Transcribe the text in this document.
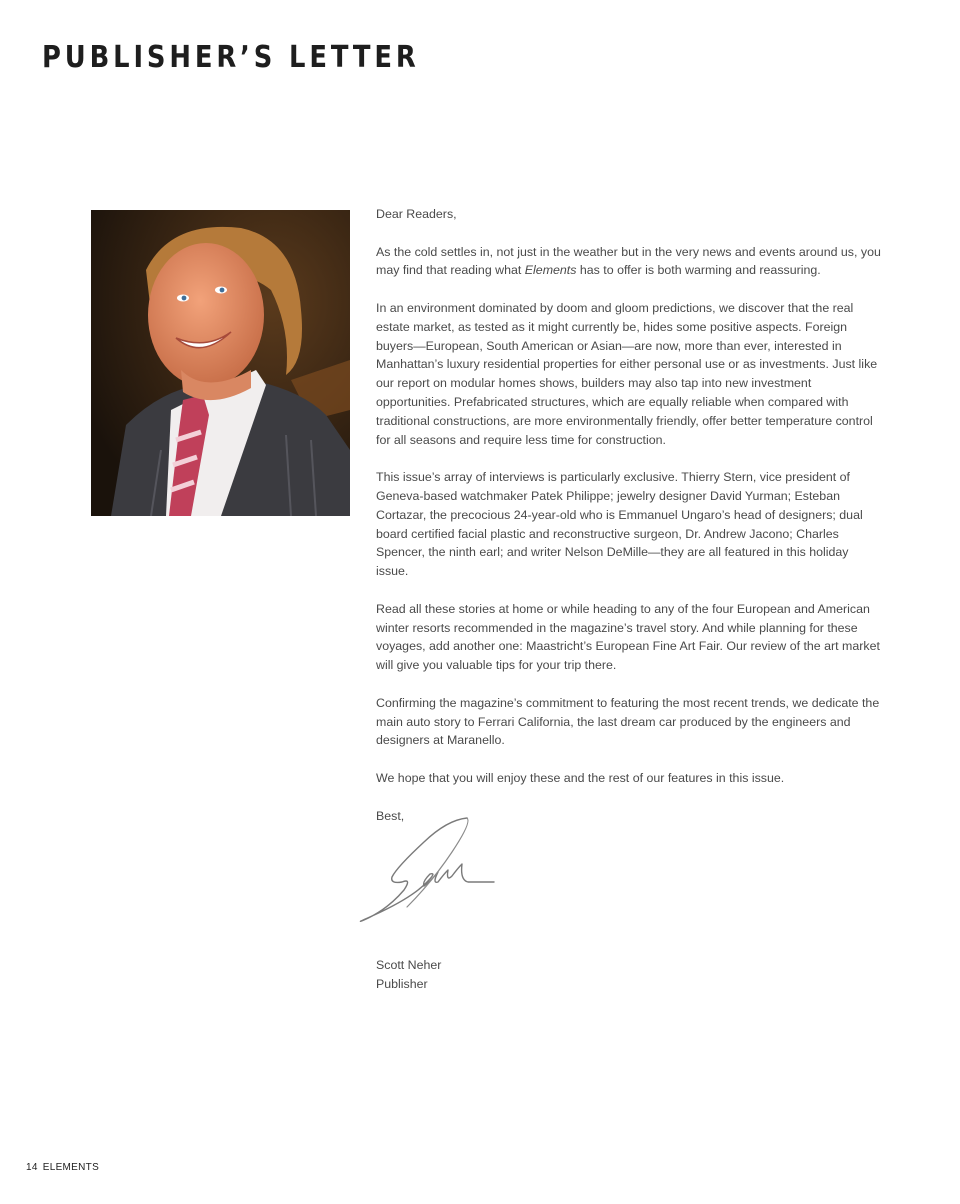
PUBLISHER’S LETTER

Dear Readers,

As the cold settles in, not just in the weather but in the very news and events around us, you may find that reading what Elements has to offer is both warming and reassuring.

In an environment dominated by doom and gloom predictions, we discover that the real estate market, as tested as it might currently be, hides some positive aspects. Foreign buyers—European, South American or Asian—are now, more than ever, interested in Manhattan’s luxury residential properties for either personal use or as investments. Just like our report on modular homes shows, builders may also tap into new investment opportunities. Prefabricated structures, which are equally reliable when compared with traditional constructions, are more environmentally friendly, offer better temperature control for all seasons and require less time for construction.

This issue’s array of interviews is particularly exclusive. Thierry Stern, vice president of Geneva-based watchmaker Patek Philippe; jewelry designer David Yurman; Esteban Cortazar, the precocious 24-year-old who is Emmanuel Ungaro’s head of designers; dual board certified facial plastic and reconstructive surgeon, Dr. Andrew Jacono; Charles Spencer, the ninth earl; and writer Nelson DeMille—they are all featured in this holiday issue.

Read all these stories at home or while heading to any of the four European and American winter resorts recommended in the magazine’s travel story. And while planning for these voyages, add another one: Maastricht’s European Fine Art Fair. Our review of the art market will give you valuable tips for your trip there.

Confirming the magazine’s commitment to featuring the most recent trends, we dedicate the main auto story to Ferrari California, the last dream car produced by the engineers and designers at Maranello.

We hope that you will enjoy these and the rest of our features in this issue.

Best,

Scott Neher
Publisher
14 ELEMENTS
